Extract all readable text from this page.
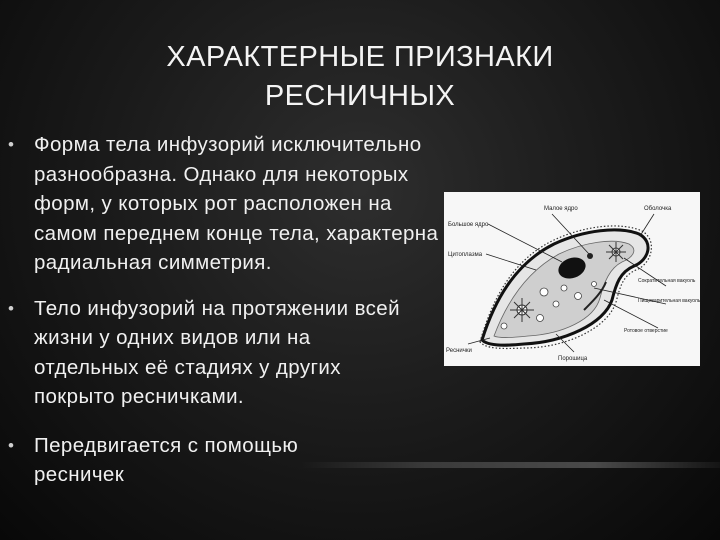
ХАРАКТЕРНЫЕ ПРИЗНАКИ
РЕСНИЧНЫХ
• Форма тела инфузорий исключительно разнообразна. Однако для некоторых форм, у которых рот расположен на самом переднем конце тела, характерна радиальная симметрия.
• Тело инфузорий на протяжении всей жизни у одних видов или на отдельных её стадиях у других покрыто ресничками.
• Передвигается с помощью ресничек
Большое ядро
Малое ядро	Оболочка
Цитоплазма
Сократительная вакуоль
Пищеварительная вакуоль
Ротовое отверстие
Реснички
Порошица
